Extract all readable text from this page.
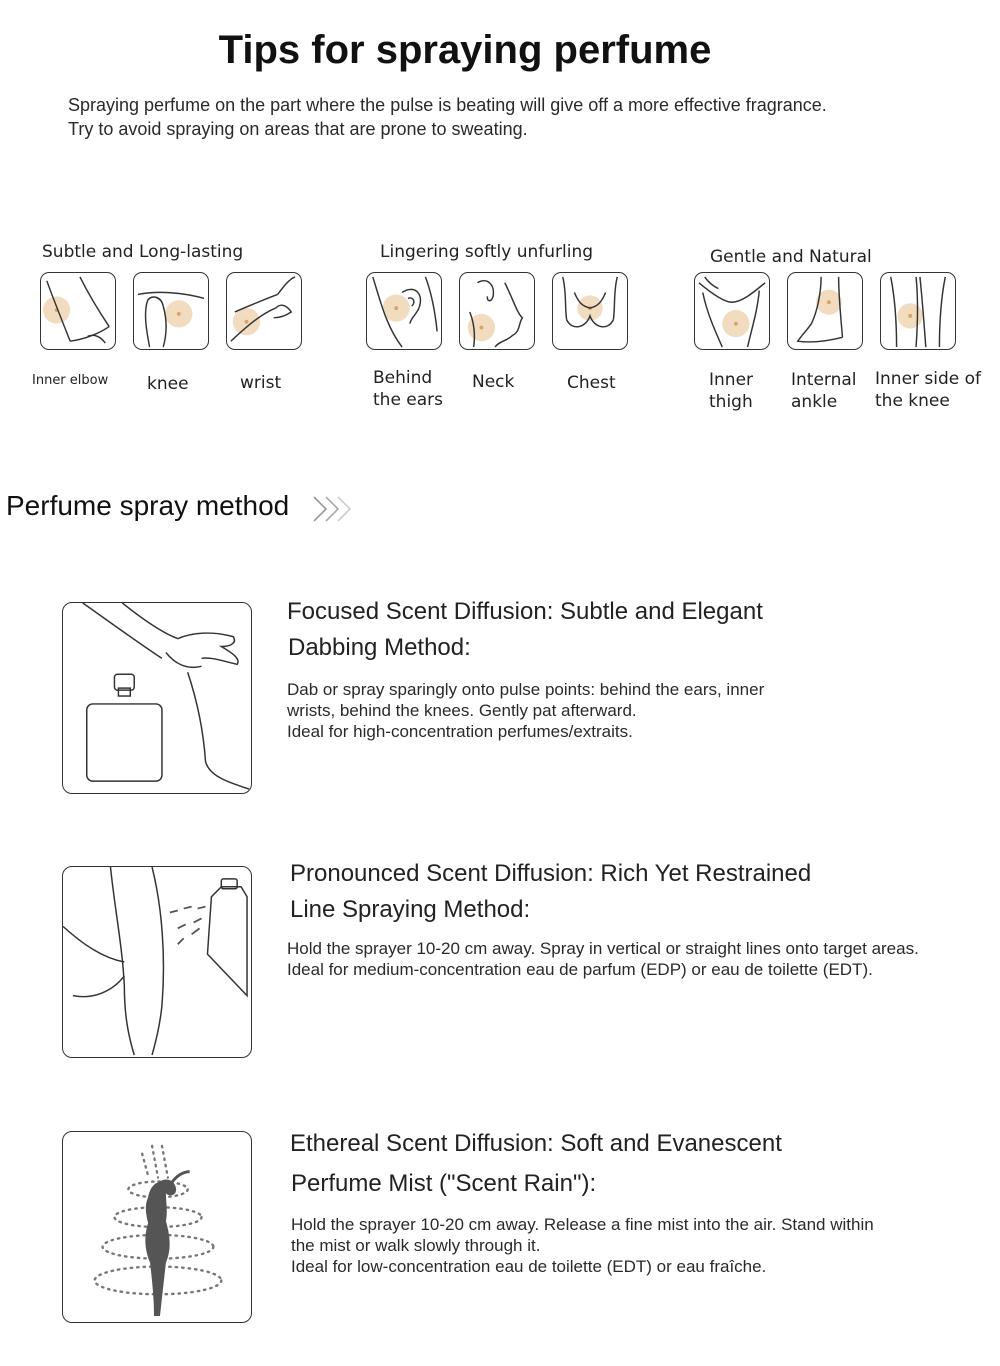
Tips for spraying perfume
Spraying perfume on the part where the pulse is beating will give off a more effective fragrance.
Try to avoid spraying on areas that are prone to sweating.
Subtle and Long-lasting	Lingering softly unfurling	Gentle and Natural
Inner elbow knee	wrist	Behind
the ears
Neck	Chest	Inner
thigh
Internal
ankle
Inner side of
the knee
Perfume spray method
Focused Scent Diffusion: Subtle and Elegant
Dabbing Method:
Dab or spray sparingly onto pulse points: behind the ears, inner
wrists, behind the knees. Gently pat afterward.
Ideal for high-concentration perfumes/extraits.
Pronounced Scent Diffusion: Rich Yet Restrained
Line Spraying Method:
Hold the sprayer 10-20 cm away. Spray in vertical or straight lines onto target areas.
Ideal for medium-concentration eau de parfum (EDP) or eau de toilette (EDT).
Ethereal Scent Diffusion: Soft and Evanescent
Perfume Mist ("Scent Rain"):
Hold the sprayer 10-20 cm away. Release a fine mist into the air. Stand within
the mist or walk slowly through it.
Ideal for low-concentration eau de toilette (EDT) or eau fraîche.
